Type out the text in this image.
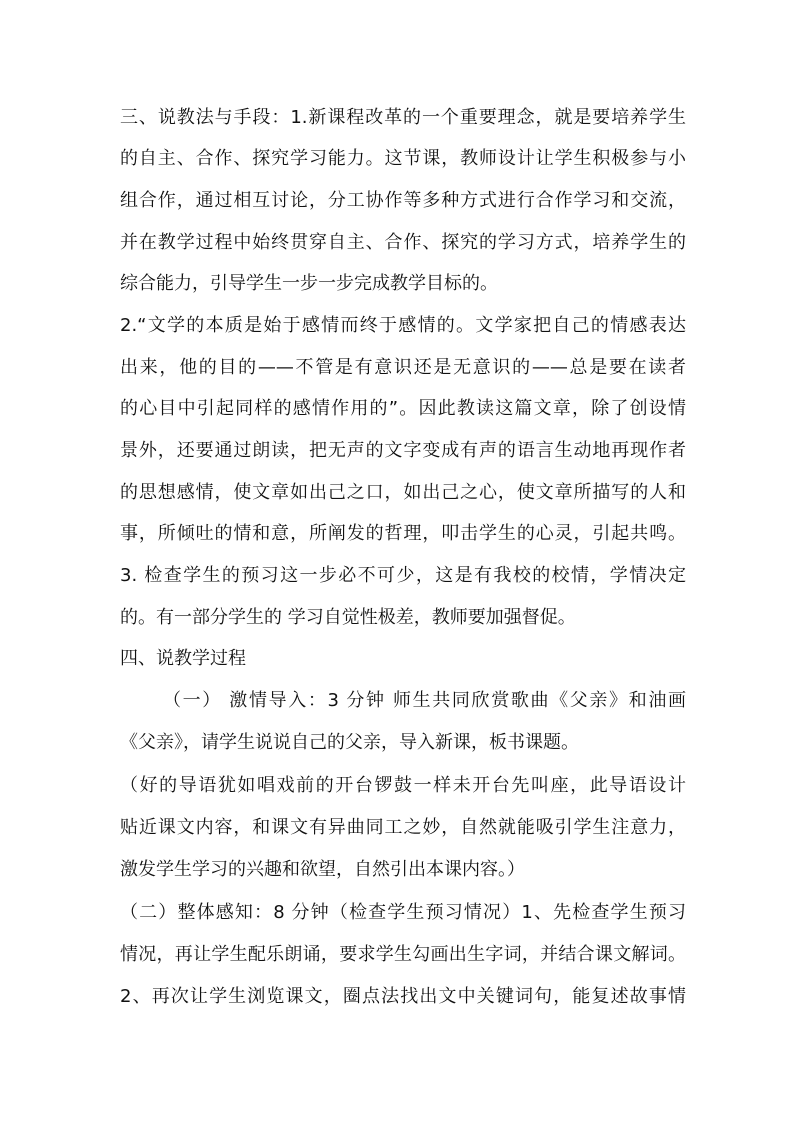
三、说教法与手段：1.新课程改革的一个重要理念，就是要培养学生
的自主、合作、探究学习能力。这节课，教师设计让学生积极参与小
组合作，通过相互讨论，分工协作等多种方式进行合作学习和交流，
并在教学过程中始终贯穿自主、合作、探究的学习方式，培养学生的
综合能力，引导学生一步一步完成教学目标的。
2.“文学的本质是始于感情而终于感情的。文学家把自己的情感表达
出来，他的目的——不管是有意识还是无意识的——总是要在读者
的心目中引起同样的感情作用的”。因此教读这篇文章，除了创设情
景外，还要通过朗读，把无声的文字变成有声的语言生动地再现作者
的思想感情，使文章如出己之口，如出己之心，使文章所描写的人和
事，所倾吐的情和意，所阐发的哲理，叩击学生的心灵，引起共鸣。
3. 检查学生的预习这一步必不可少，这是有我校的校情，学情决定
的。有一部分学生的 学习自觉性极差，教师要加强督促。
四、说教学过程
（一） 激情导入：3 分钟 师生共同欣赏歌曲《父亲》和油画
《父亲》，请学生说说自己的父亲，导入新课，板书课题。
（好的导语犹如唱戏前的开台锣鼓一样未开台先叫座，此导语设计
贴近课文内容，和课文有异曲同工之妙，自然就能吸引学生注意力，
激发学生学习的兴趣和欲望，自然引出本课内容。）
（二）整体感知：8 分钟（检查学生预习情况）1、先检查学生预习
情况，再让学生配乐朗诵，要求学生勾画出生字词，并结合课文解词。
2、再次让学生浏览课文，圈点法找出文中关键词句，能复述故事情
